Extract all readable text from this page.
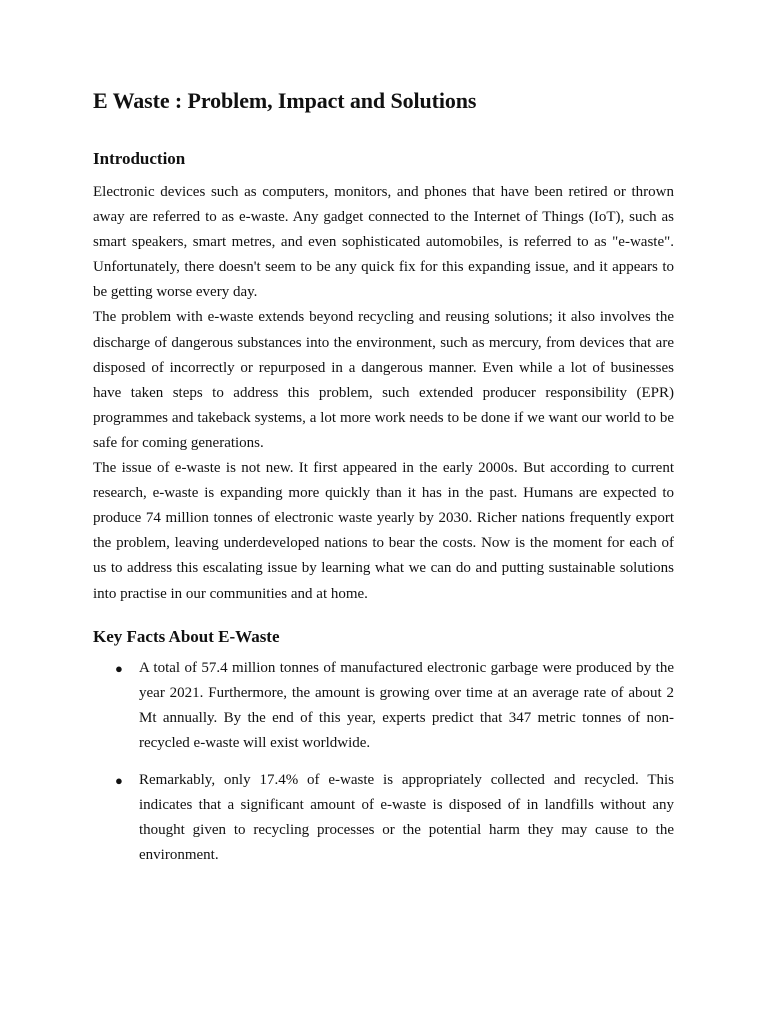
E Waste : Problem, Impact and Solutions
Introduction

Electronic devices such as computers, monitors, and phones that have been retired or thrown away are referred to as e-waste. Any gadget connected to the Internet of Things (IoT), such as smart speakers, smart metres, and even sophisticated automobiles, is referred to as "e-waste". Unfortunately, there doesn't seem to be any quick fix for this expanding issue, and it appears to be getting worse every day.

The problem with e-waste extends beyond recycling and reusing solutions; it also involves the discharge of dangerous substances into the environment, such as mercury, from devices that are disposed of incorrectly or repurposed in a dangerous manner. Even while a lot of businesses have taken steps to address this problem, such extended producer responsibility (EPR) programmes and takeback systems, a lot more work needs to be done if we want our world to be safe for coming generations.

The issue of e-waste is not new. It first appeared in the early 2000s. But according to current research, e-waste is expanding more quickly than it has in the past. Humans are expected to produce 74 million tonnes of electronic waste yearly by 2030. Richer nations frequently export the problem, leaving underdeveloped nations to bear the costs. Now is the moment for each of us to address this escalating issue by learning what we can do and putting sustainable solutions into practise in our communities and at home.

Key Facts About E-Waste
● A total of 57.4 million tonnes of manufactured electronic garbage were produced by the year 2021. Furthermore, the amount is growing over time at an average rate of about 2 Mt annually. By the end of this year, experts predict that 347 metric tonnes of non-recycled e-waste will exist worldwide.
● Remarkably, only 17.4% of e-waste is appropriately collected and recycled. This indicates that a significant amount of e-waste is disposed of in landfills without any thought given to recycling processes or the potential harm they may cause to the environment.
